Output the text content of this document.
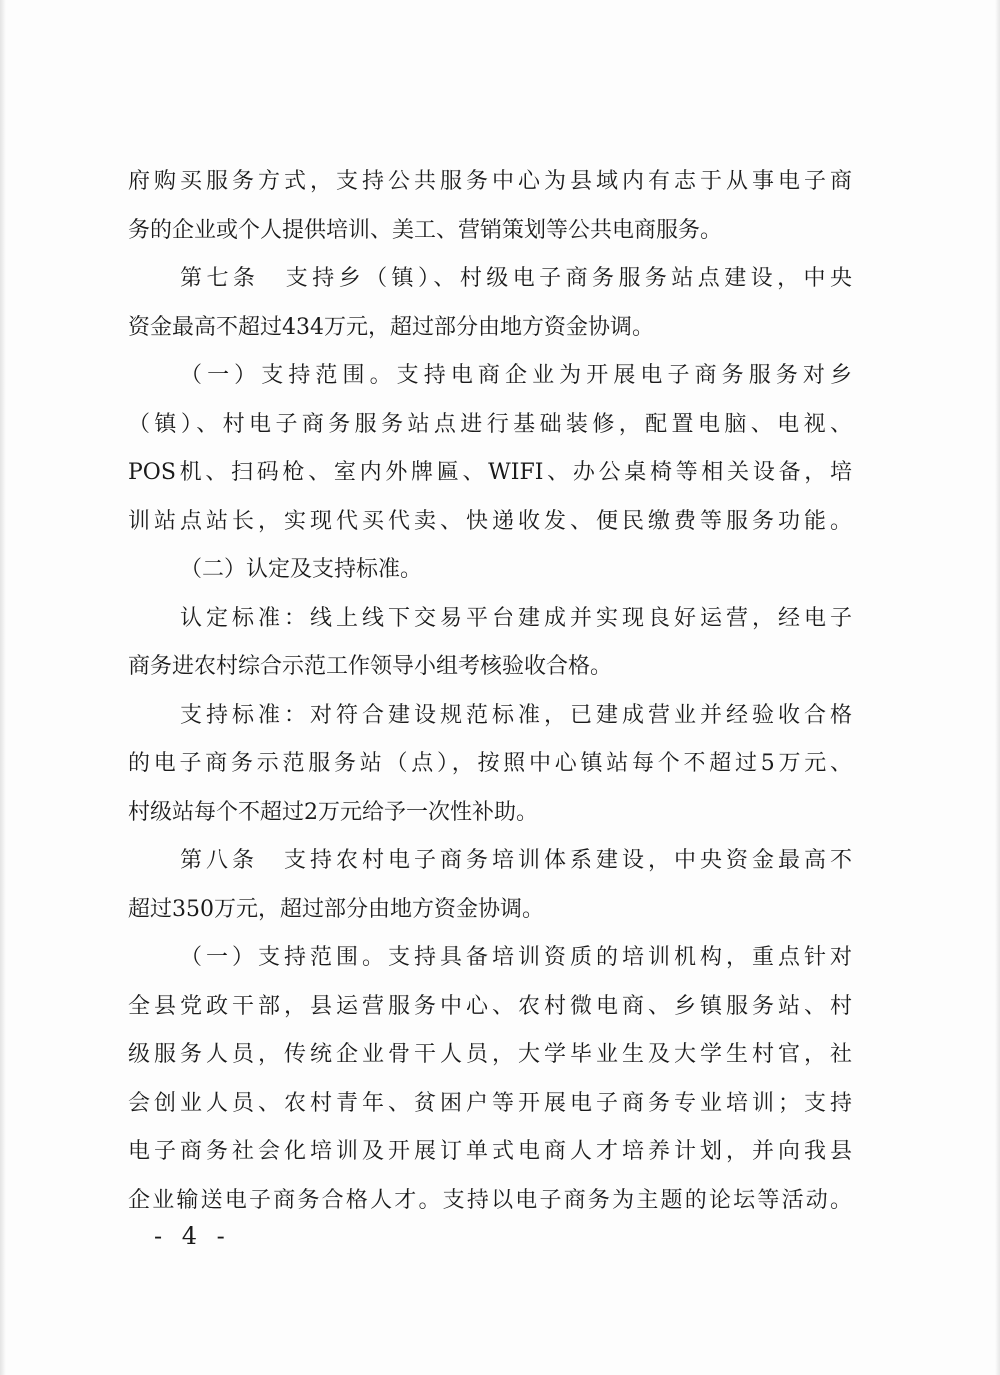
府购买服务方式，支持公共服务中心为县域内有志于从事电子商
务的企业或个人提供培训、美工、营销策划等公共电商服务。
第七条　支持乡（镇）、村级电子商务服务站点建设，中央
资金最高不超过434万元，超过部分由地方资金协调。
（一）支持范围。支持电商企业为开展电子商务服务对乡
（镇）、村电子商务服务站点进行基础装修，配置电脑、电视、
POS机、扫码枪、室内外牌匾、WIFI、办公桌椅等相关设备，培
训站点站长，实现代买代卖、快递收发、便民缴费等服务功能。
（二）认定及支持标准。
认定标准：线上线下交易平台建成并实现良好运营，经电子
商务进农村综合示范工作领导小组考核验收合格。
支持标准：对符合建设规范标准，已建成营业并经验收合格
的电子商务示范服务站（点），按照中心镇站每个不超过5万元、
村级站每个不超过2万元给予一次性补助。
第八条　支持农村电子商务培训体系建设，中央资金最高不
超过350万元，超过部分由地方资金协调。
（一）支持范围。支持具备培训资质的培训机构，重点针对
全县党政干部，县运营服务中心、农村微电商、乡镇服务站、村
级服务人员，传统企业骨干人员，大学毕业生及大学生村官，社
会创业人员、农村青年、贫困户等开展电子商务专业培训；支持
电子商务社会化培训及开展订单式电商人才培养计划，并向我县
企业输送电子商务合格人才。支持以电子商务为主题的论坛等活动。
- 4 -
